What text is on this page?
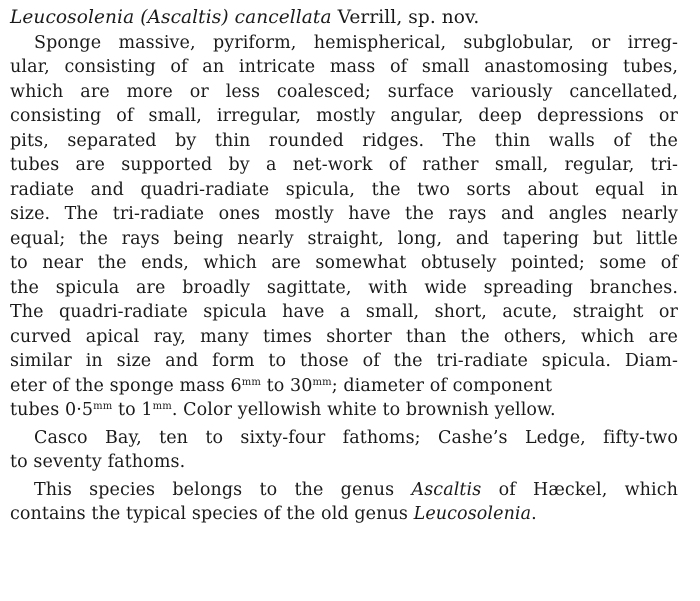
Leucosolenia (Ascaltis) cancellata Verrill, sp. nov.
Sponge massive, pyriform, hemispherical, subglobular, or irreg-
ular, consisting of an intricate mass of small anastomosing tubes,
which are more or less coalesced; surface variously cancellated,
consisting of small, irregular, mostly angular, deep depressions or
pits, separated by thin rounded ridges. The thin walls of the
tubes are supported by a net-work of rather small, regular, tri-
radiate and quadri-radiate spicula, the two sorts about equal in
size. The tri-radiate ones mostly have the rays and angles nearly
equal; the rays being nearly straight, long, and tapering but little
to near the ends, which are somewhat obtusely pointed; some of
the spicula are broadly sagittate, with wide spreading branches.
The quadri-radiate spicula have a small, short, acute, straight or
curved apical ray, many times shorter than the others, which are
similar in size and form to those of the tri-radiate spicula. Diam-
eter of the sponge mass $6^{mm}$ to $30^{mm}$; diameter of component
tubes $0\cdot 5^{mm}$ to $1^{mm}$. Color yellowish white to brownish yellow.
Casco Bay, ten to sixty-four fathoms; Cashe’s Ledge, fifty-two
to seventy fathoms.
This species belongs to the genus Ascaltis of Hæckel, which
contains the typical species of the old genus Leucosolenia.
